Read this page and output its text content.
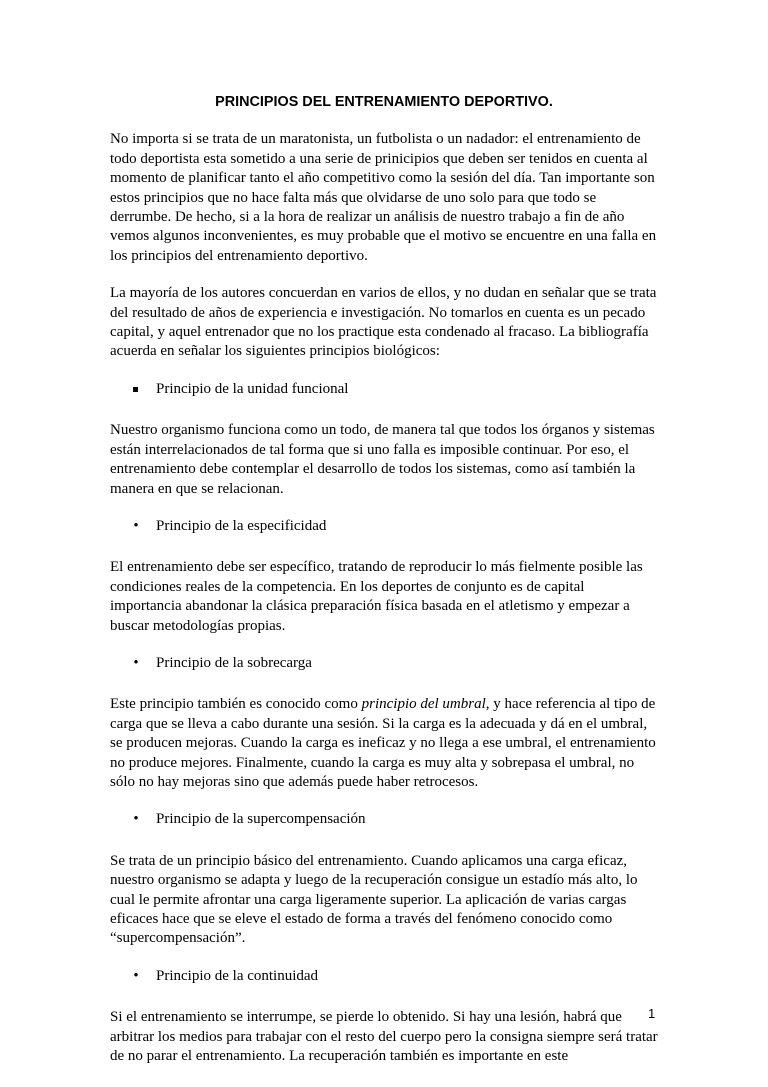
PRINCIPIOS DEL ENTRENAMIENTO DEPORTIVO.

No importa si se trata de un maratonista, un futbolista o un nadador: el entrenamiento de todo deportista esta sometido a una serie de prinicipios que deben ser tenidos en cuenta al momento de planificar tanto el año competitivo como la sesión del día. Tan importante son estos principios que no hace falta más que olvidarse de uno solo para que todo se derrumbe. De hecho, si a la hora de realizar un análisis de nuestro trabajo a fin de año vemos algunos inconvenientes, es muy probable que el motivo se encuentre en una falla en los principios del entrenamiento deportivo.

La mayoría de los autores concuerdan en varios de ellos, y no dudan en señalar que se trata del resultado de años de experiencia e investigación. No tomarlos en cuenta es un pecado capital, y aquel entrenador que no los practique esta condenado al fracaso. La bibliografía acuerda en señalar los siguientes principios biológicos:

Principio de la unidad funcional

Nuestro organismo funciona como un todo, de manera tal que todos los órganos y sistemas están interrelacionados de tal forma que si uno falla es imposible continuar. Por eso, el entrenamiento debe contemplar el desarrollo de todos los sistemas, como así también la manera en que se relacionan.

•	Principio de la especificidad

El entrenamiento debe ser específico, tratando de reproducir lo más fielmente posible las condiciones reales de la competencia. En los deportes de conjunto es de capital importancia abandonar la clásica preparación física basada en el atletismo y empezar a buscar metodologías propias.

•	Principio de la sobrecarga

Este principio también es conocido como principio del umbral, y hace referencia al tipo de carga que se lleva a cabo durante una sesión. Si la carga es la adecuada y dá en el umbral, se producen mejoras. Cuando la carga es ineficaz y no llega a ese umbral, el entrenamiento no produce mejores. Finalmente, cuando la carga es muy alta y sobrepasa el umbral, no sólo no hay mejoras sino que además puede haber retrocesos.

•	Principio de la supercompensación

Se trata de un principio básico del entrenamiento. Cuando aplicamos una carga eficaz, nuestro organismo se adapta y luego de la recuperación consigue un estadío más alto, lo cual le permite afrontar una carga ligeramente superior. La aplicación de varias cargas eficaces hace que se eleve el estado de forma a través del fenómeno conocido como “supercompensación”.

•	Principio de la continuidad

Si el entrenamiento se interrumpe, se pierde lo obtenido. Si hay una lesión, habrá que arbitrar los medios para trabajar con el resto del cuerpo pero la consigna siempre será tratar de no parar el entrenamiento. La recuperación también es importante en este

1
